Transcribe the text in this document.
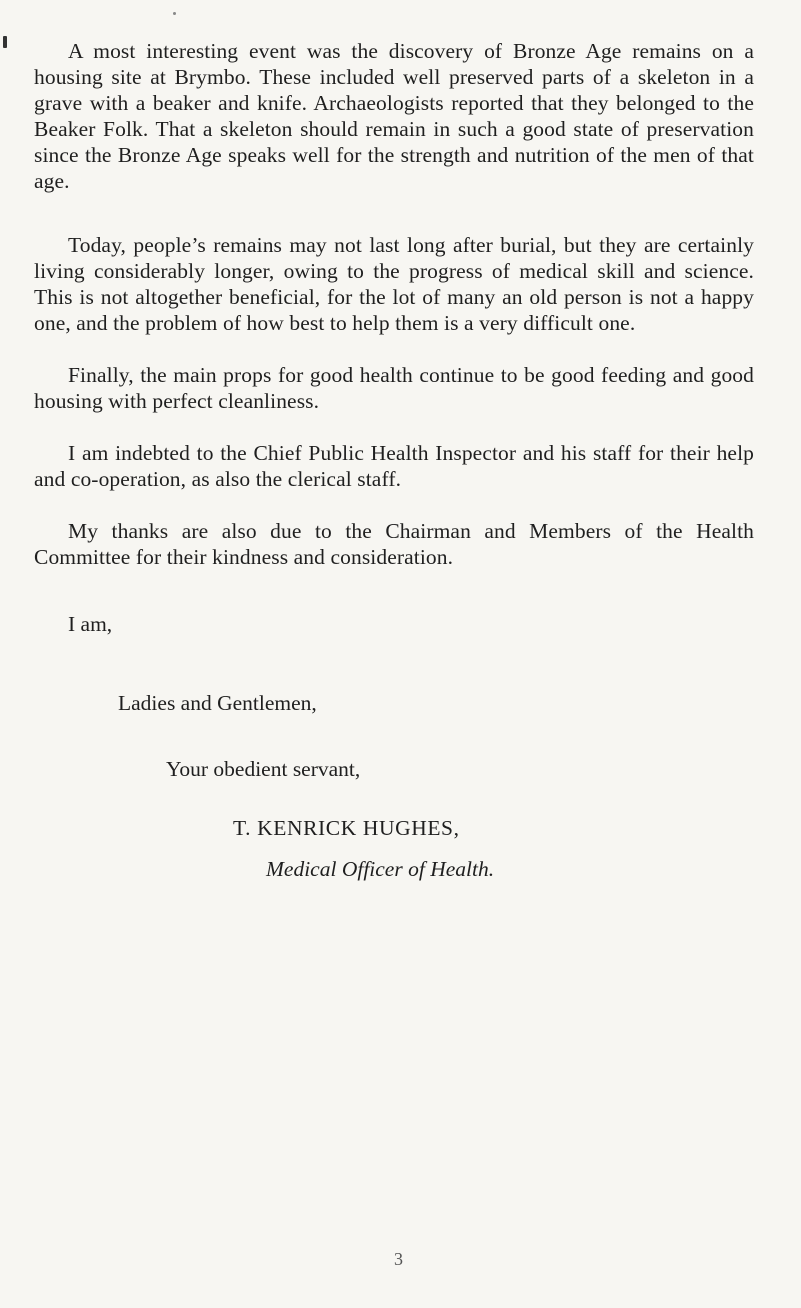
A most interesting event was the discovery of Bronze Age remains on a housing site at Brymbo. These included well preserved parts of a skeleton in a grave with a beaker and knife. Archaeologists reported that they belonged to the Beaker Folk. That a skeleton should remain in such a good state of preservation since the Bronze Age speaks well for the strength and nutrition of the men of that age.

Today, people’s remains may not last long after burial, but they are certainly living considerably longer, owing to the progress of medical skill and science. This is not altogether beneficial, for the lot of many an old person is not a happy one, and the problem of how best to help them is a very difficult one.

Finally, the main props for good health continue to be good feeding and good housing with perfect cleanliness.

I am indebted to the Chief Public Health Inspector and his staff for their help and co-operation, as also the clerical staff.

My thanks are also due to the Chairman and Members of the Health Committee for their kindness and consideration.

I am,

Ladies and Gentlemen,

Your obedient servant,

T. KENRICK HUGHES,

Medical Officer of Health.

3
